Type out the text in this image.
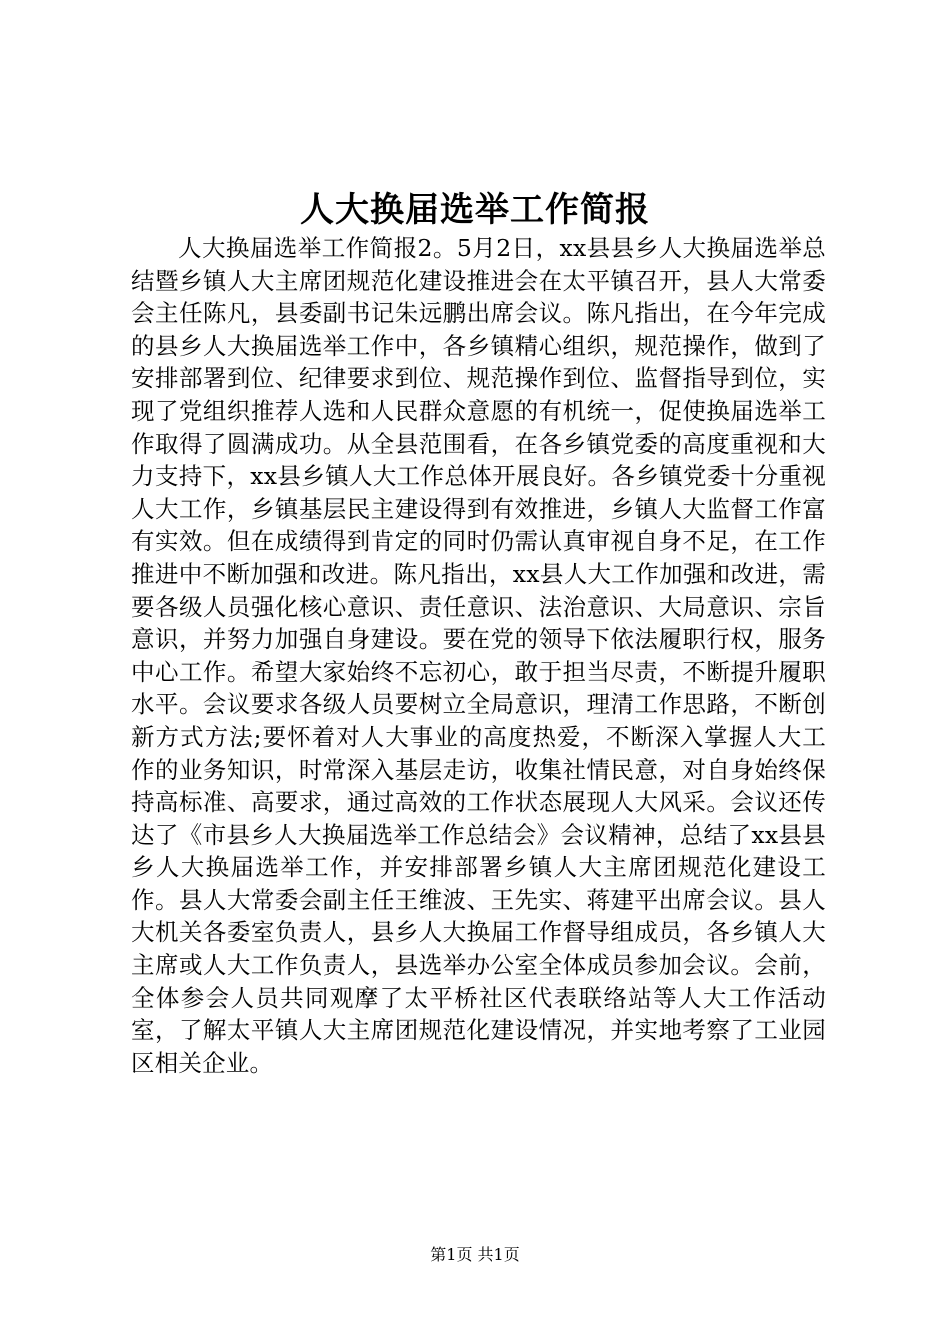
人大换届选举工作简报

人大换届选举工作简报2。5月2日，xx县县乡人大换届选举总结暨乡镇人大主席团规范化建设推进会在太平镇召开，县人大常委会主任陈凡，县委副书记朱远鹏出席会议。陈凡指出，在今年完成的县乡人大换届选举工作中，各乡镇精心组织，规范操作，做到了安排部署到位、纪律要求到位、规范操作到位、监督指导到位，实现了党组织推荐人选和人民群众意愿的有机统一，促使换届选举工作取得了圆满成功。从全县范围看，在各乡镇党委的高度重视和大力支持下，xx县乡镇人大工作总体开展良好。各乡镇党委十分重视人大工作，乡镇基层民主建设得到有效推进，乡镇人大监督工作富有实效。但在成绩得到肯定的同时仍需认真审视自身不足，在工作推进中不断加强和改进。陈凡指出，xx县人大工作加强和改进，需要各级人员强化核心意识、责任意识、法治意识、大局意识、宗旨意识，并努力加强自身建设。要在党的领导下依法履职行权，服务中心工作。希望大家始终不忘初心，敢于担当尽责，不断提升履职水平。会议要求各级人员要树立全局意识，理清工作思路，不断创新方式方法;要怀着对人大事业的高度热爱，不断深入掌握人大工作的业务知识，时常深入基层走访，收集社情民意，对自身始终保持高标准、高要求，通过高效的工作状态展现人大风采。会议还传达了《市县乡人大换届选举工作总结会》会议精神，总结了xx县县乡人大换届选举工作，并安排部署乡镇人大主席团规范化建设工作。县人大常委会副主任王维波、王先实、蒋建平出席会议。县人大机关各委室负责人，县乡人大换届工作督导组成员，各乡镇人大主席或人大工作负责人，县选举办公室全体成员参加会议。会前，全体参会人员共同观摩了太平桥社区代表联络站等人大工作活动室，了解太平镇人大主席团规范化建设情况，并实地考察了工业园区相关企业。

第1页 共1页
